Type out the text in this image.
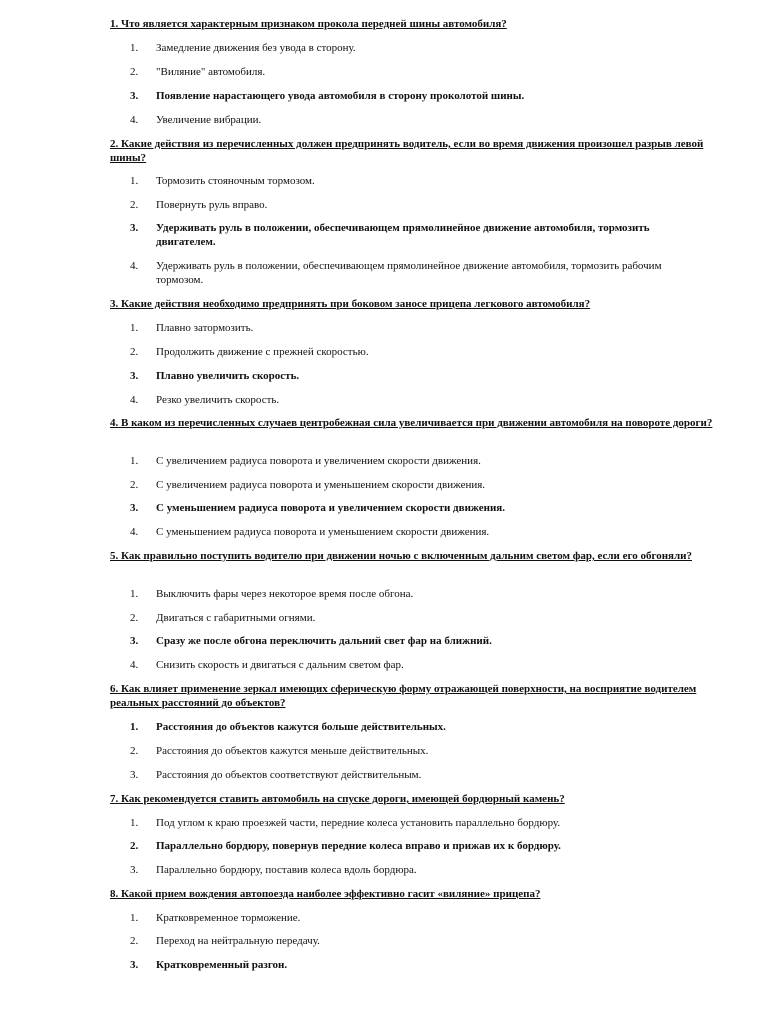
1. Что является характерным признаком прокола передней шины автомобиля?
1.	Замедление движения без увода в сторону.
2.	"Виляние" автомобиля.
3.	Появление нарастающего увода автомобиля в сторону проколотой шины.
4.	Увеличение вибрации.
2. Какие действия из перечисленных должен предпринять водитель, если во время движения произошел разрыв левой шины?
1.	Тормозить стояночным тормозом.
2.	Повернуть руль вправо.
3.	Удерживать руль в положении, обеспечивающем прямолинейное движение автомобиля, тормозить двигателем.
4.	Удерживать руль в положении, обеспечивающем прямолинейное движение автомобиля, тормозить рабочим тормозом.
3. Какие действия необходимо предпринять при боковом заносе прицепа легкового автомобиля?
1.	Плавно затормозить.
2.	Продолжить движение с прежней скоростью.
3.	Плавно увеличить скорость.
4.	Резко увеличить скорость.
4. В каком из перечисленных случаев центробежная сила увеличивается при движении автомобиля на повороте дороги?
1.	С увеличением радиуса поворота и увеличением скорости движения.
2.	С увеличением радиуса поворота и уменьшением скорости движения.
3.	С уменьшением радиуса поворота и увеличением скорости движения.
4.	С уменьшением радиуса поворота и уменьшением скорости движения.
5. Как правильно поступить водителю при движении ночью с включенным дальним светом фар, если его обгоняли?
1.	Выключить фары через некоторое время после обгона.
2.	Двигаться с габаритными огнями.
3.	Сразу же после обгона переключить дальний свет фар на ближний.
4.	Снизить скорость и двигаться с дальним светом фар.
6. Как влияет применение зеркал имеющих сферическую форму отражающей поверхности, на восприятие водителем реальных расстояний до объектов?
1.	Расстояния до объектов кажутся больше действительных.
2.	Расстояния до объектов кажутся меньше действительных.
3.	Расстояния до объектов соответствуют действительным.
7. Как рекомендуется ставить автомобиль на спуске дороги, имеющей бордюрный камень?
1.	Под углом к краю проезжей части, передние колеса установить параллельно бордюру.
2.	Параллельно бордюру, повернув передние колеса вправо и прижав их к бордюру.
3.	Параллельно бордюру, поставив колеса вдоль бордюра.
8. Какой прием вождения автопоезда наиболее эффективно гасит «виляние» прицепа?
1.	Кратковременное торможение.
2.	Переход на нейтральную передачу.
3.	Кратковременный разгон.
